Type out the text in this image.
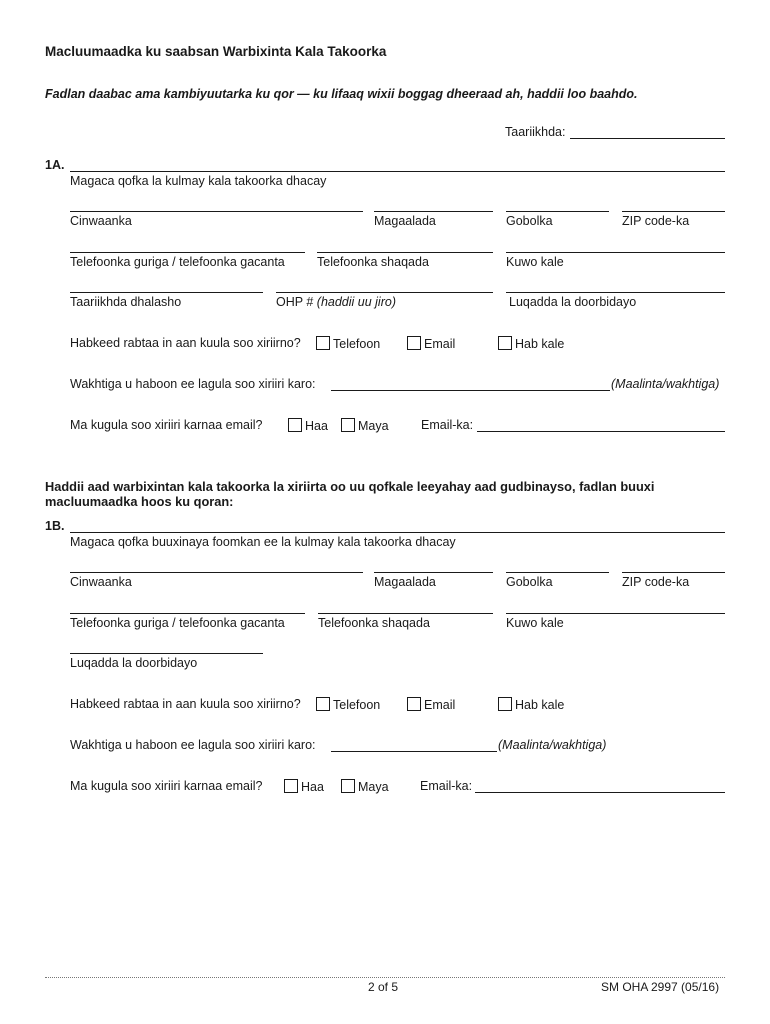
Macluumaadka ku saabsan Warbixinta Kala Takoorka
Fadlan daabac ama kambiyuutarka ku qor — ku lifaaq wixii boggag dheeraad ah, haddii loo baahdo.
Taariikhda:
1A.
Magaca qofka la kulmay kala takoorka dhacay
Cinwaanka	Magaalada	Gobolka	ZIP code-ka
Telefoonka guriga / telefoonka gacanta	Telefoonka shaqada	Kuwo kale
Taariikhda dhalasho	OHP # (haddii uu jiro)	Luqadda la doorbidayo
Habkeed rabtaa in aan kuula soo xiriirno?	Telefoon	Email	Hab kale
Wakhtiga u haboon ee lagula soo xiriiri karo:	(Maalinta/wakhtiga)
Ma kugula soo xiriiri karnaa email?	Haa	Maya	Email-ka:
Haddii aad warbixintan kala takoorka la xiriirta oo uu qofkale leeyahay aad gudbinayso, fadlan buuxi macluumaadka hoos ku qoran:
1B.
Magaca qofka buuxinaya foomkan ee la kulmay kala takoorka dhacay
Cinwaanka	Magaalada	Gobolka	ZIP code-ka
Telefoonka guriga / telefoonka gacanta	Telefoonka shaqada	Kuwo kale
Luqadda la doorbidayo
Habkeed rabtaa in aan kuula soo xiriirno?	Telefoon	Email	Hab kale
Wakhtiga u haboon ee lagula soo xiriiri karo:	(Maalinta/wakhtiga)
Ma kugula soo xiriiri karnaa email?	Haa	Maya	Email-ka:
2 of 5	SM OHA 2997 (05/16)
